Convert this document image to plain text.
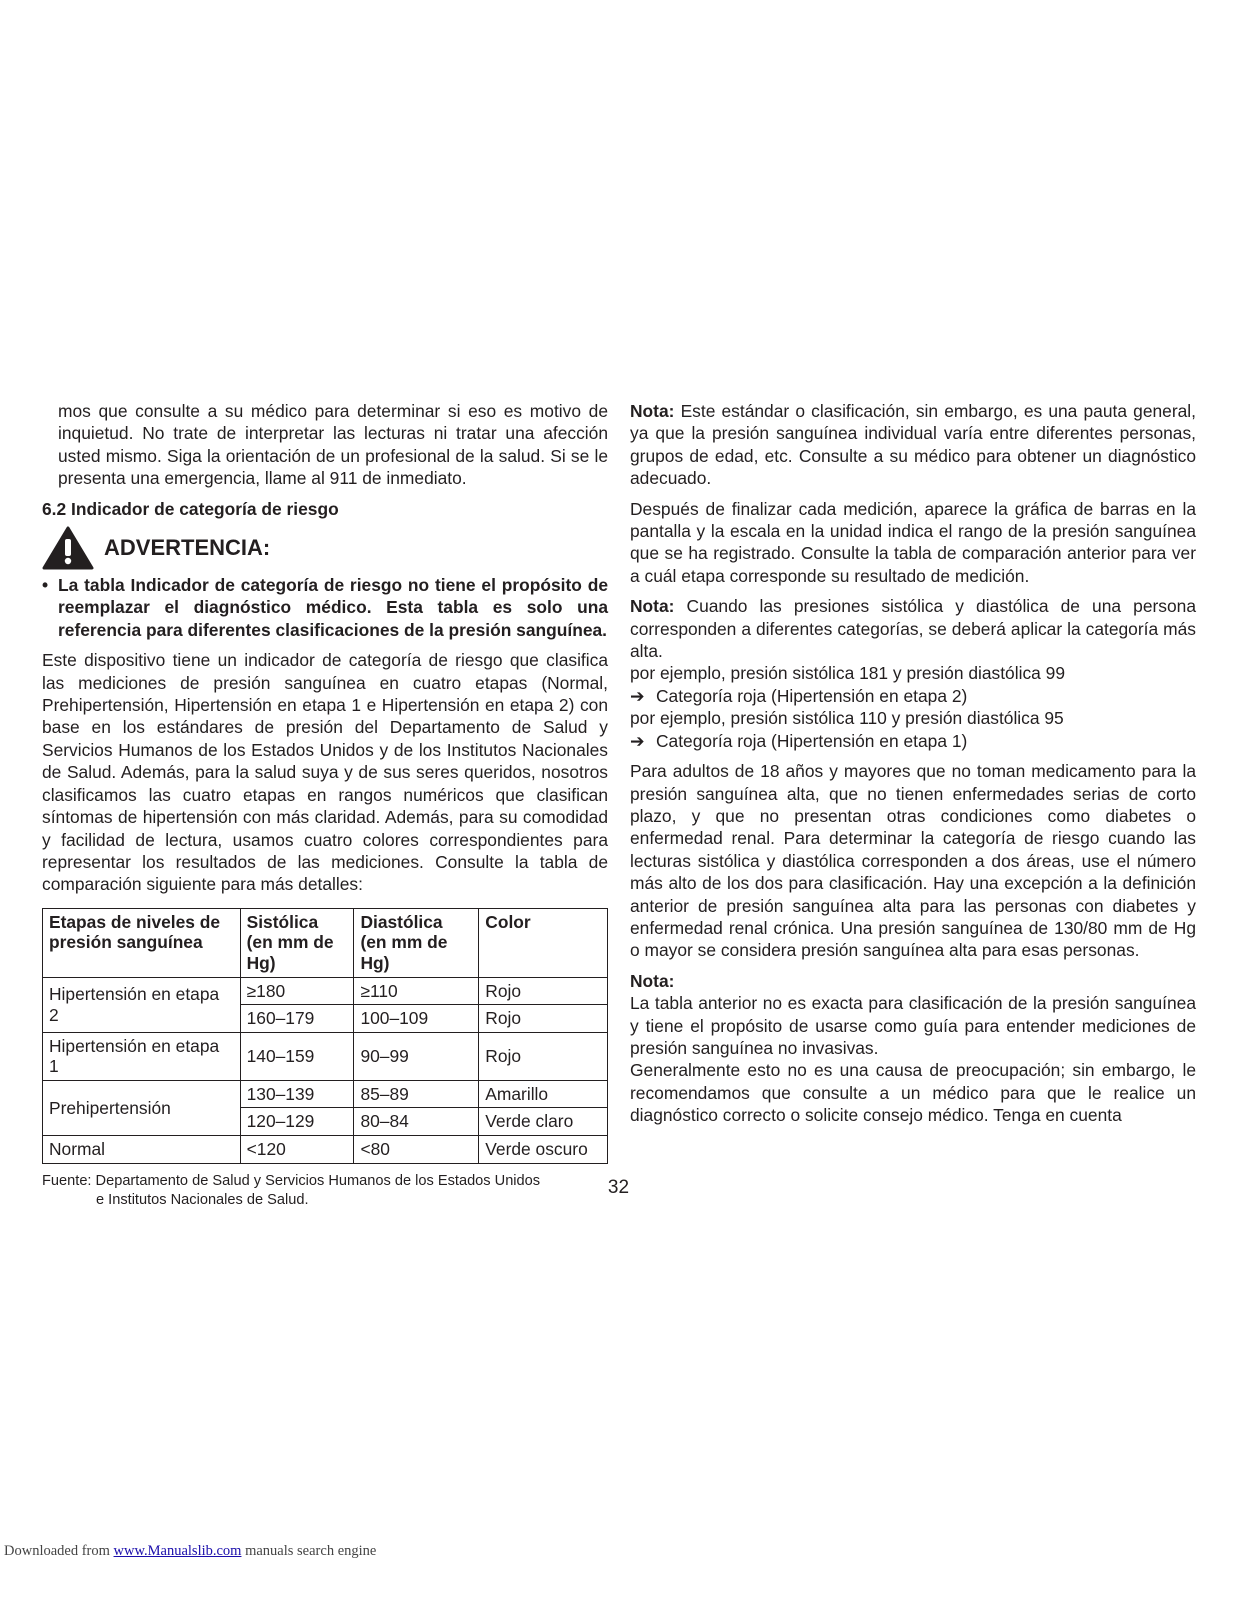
mos que consulte a su médico para determinar si eso es motivo de inquietud. No trate de interpretar las lecturas ni tratar una afección usted mismo. Siga la orientación de un profesional de la salud. Si se le presenta una emergencia, llame al 911 de inmediato.

6.2 Indicador de categoría de riesgo
ADVERTENCIA:
• La tabla Indicador de categoría de riesgo no tiene el propósito de reemplazar el diagnóstico médico. Esta tabla es solo una referencia para diferentes clasificaciones de la presión sanguínea.

Este dispositivo tiene un indicador de categoría de riesgo que clasifica las mediciones de presión sanguínea en cuatro etapas (Normal, Prehipertensión, Hipertensión en etapa 1 e Hipertensión en etapa 2) con base en los estándares de presión del Departamento de Salud y Servicios Humanos de los Estados Unidos y de los Institutos Nacionales de Salud. Además, para la salud suya y de sus seres queridos, nosotros clasificamos las cuatro etapas en rangos numéricos que clasifican síntomas de hipertensión con más claridad. Además, para su comodidad y facilidad de lectura, usamos cuatro colores correspondientes para representar los resultados de las mediciones. Consulte la tabla de comparación siguiente para más detalles:

Etapas de niveles de presión sanguínea	Sistólica (en mm de Hg)	Diastólica (en mm de Hg)	Color
Hipertensión en etapa 2	≥180	≥110	Rojo
	160–179	100–109	Rojo
Hipertensión en etapa 1	140–159	90–99	Rojo
Prehipertensión	130–139	85–89	Amarillo
	120–129	80–84	Verde claro
Normal	<120	<80	Verde oscuro
Fuente: Departamento de Salud y Servicios Humanos de los Estados Unidos
e Institutos Nacionales de Salud.

Nota: Este estándar o clasificación, sin embargo, es una pauta general, ya que la presión sanguínea individual varía entre diferentes personas, grupos de edad, etc. Consulte a su médico para obtener un diagnóstico adecuado.

Después de finalizar cada medición, aparece la gráfica de barras en la pantalla y la escala en la unidad indica el rango de la presión sanguínea que se ha registrado. Consulte la tabla de comparación anterior para ver a cuál etapa corresponde su resultado de medición.

Nota: Cuando las presiones sistólica y diastólica de una persona corresponden a diferentes categorías, se deberá aplicar la categoría más alta.

por ejemplo, presión sistólica 181 y presión diastólica 99
➔ Categoría roja (Hipertensión en etapa 2)
por ejemplo, presión sistólica 110 y presión diastólica 95
➔ Categoría roja (Hipertensión en etapa 1)

Para adultos de 18 años y mayores que no toman medicamento para la presión sanguínea alta, que no tienen enfermedades serias de corto plazo, y que no presentan otras condiciones como diabetes o enfermedad renal. Para determinar la categoría de riesgo cuando las lecturas sistólica y diastólica corresponden a dos áreas, use el número más alto de los dos para clasificación. Hay una excepción a la definición anterior de presión sanguínea alta para las personas con diabetes y enfermedad renal crónica. Una presión sanguínea de 130/80 mm de Hg o mayor se considera presión sanguínea alta para esas personas.

Nota:

La tabla anterior no es exacta para clasificación de la presión sanguínea y tiene el propósito de usarse como guía para entender mediciones de presión sanguínea no invasivas.

Generalmente esto no es una causa de preocupación; sin embargo, le recomendamos que consulte a un médico para que le realice un diagnóstico correcto o solicite consejo médico. Tenga en cuenta

32
Downloaded from www.Manualslib.com manuals search engine
